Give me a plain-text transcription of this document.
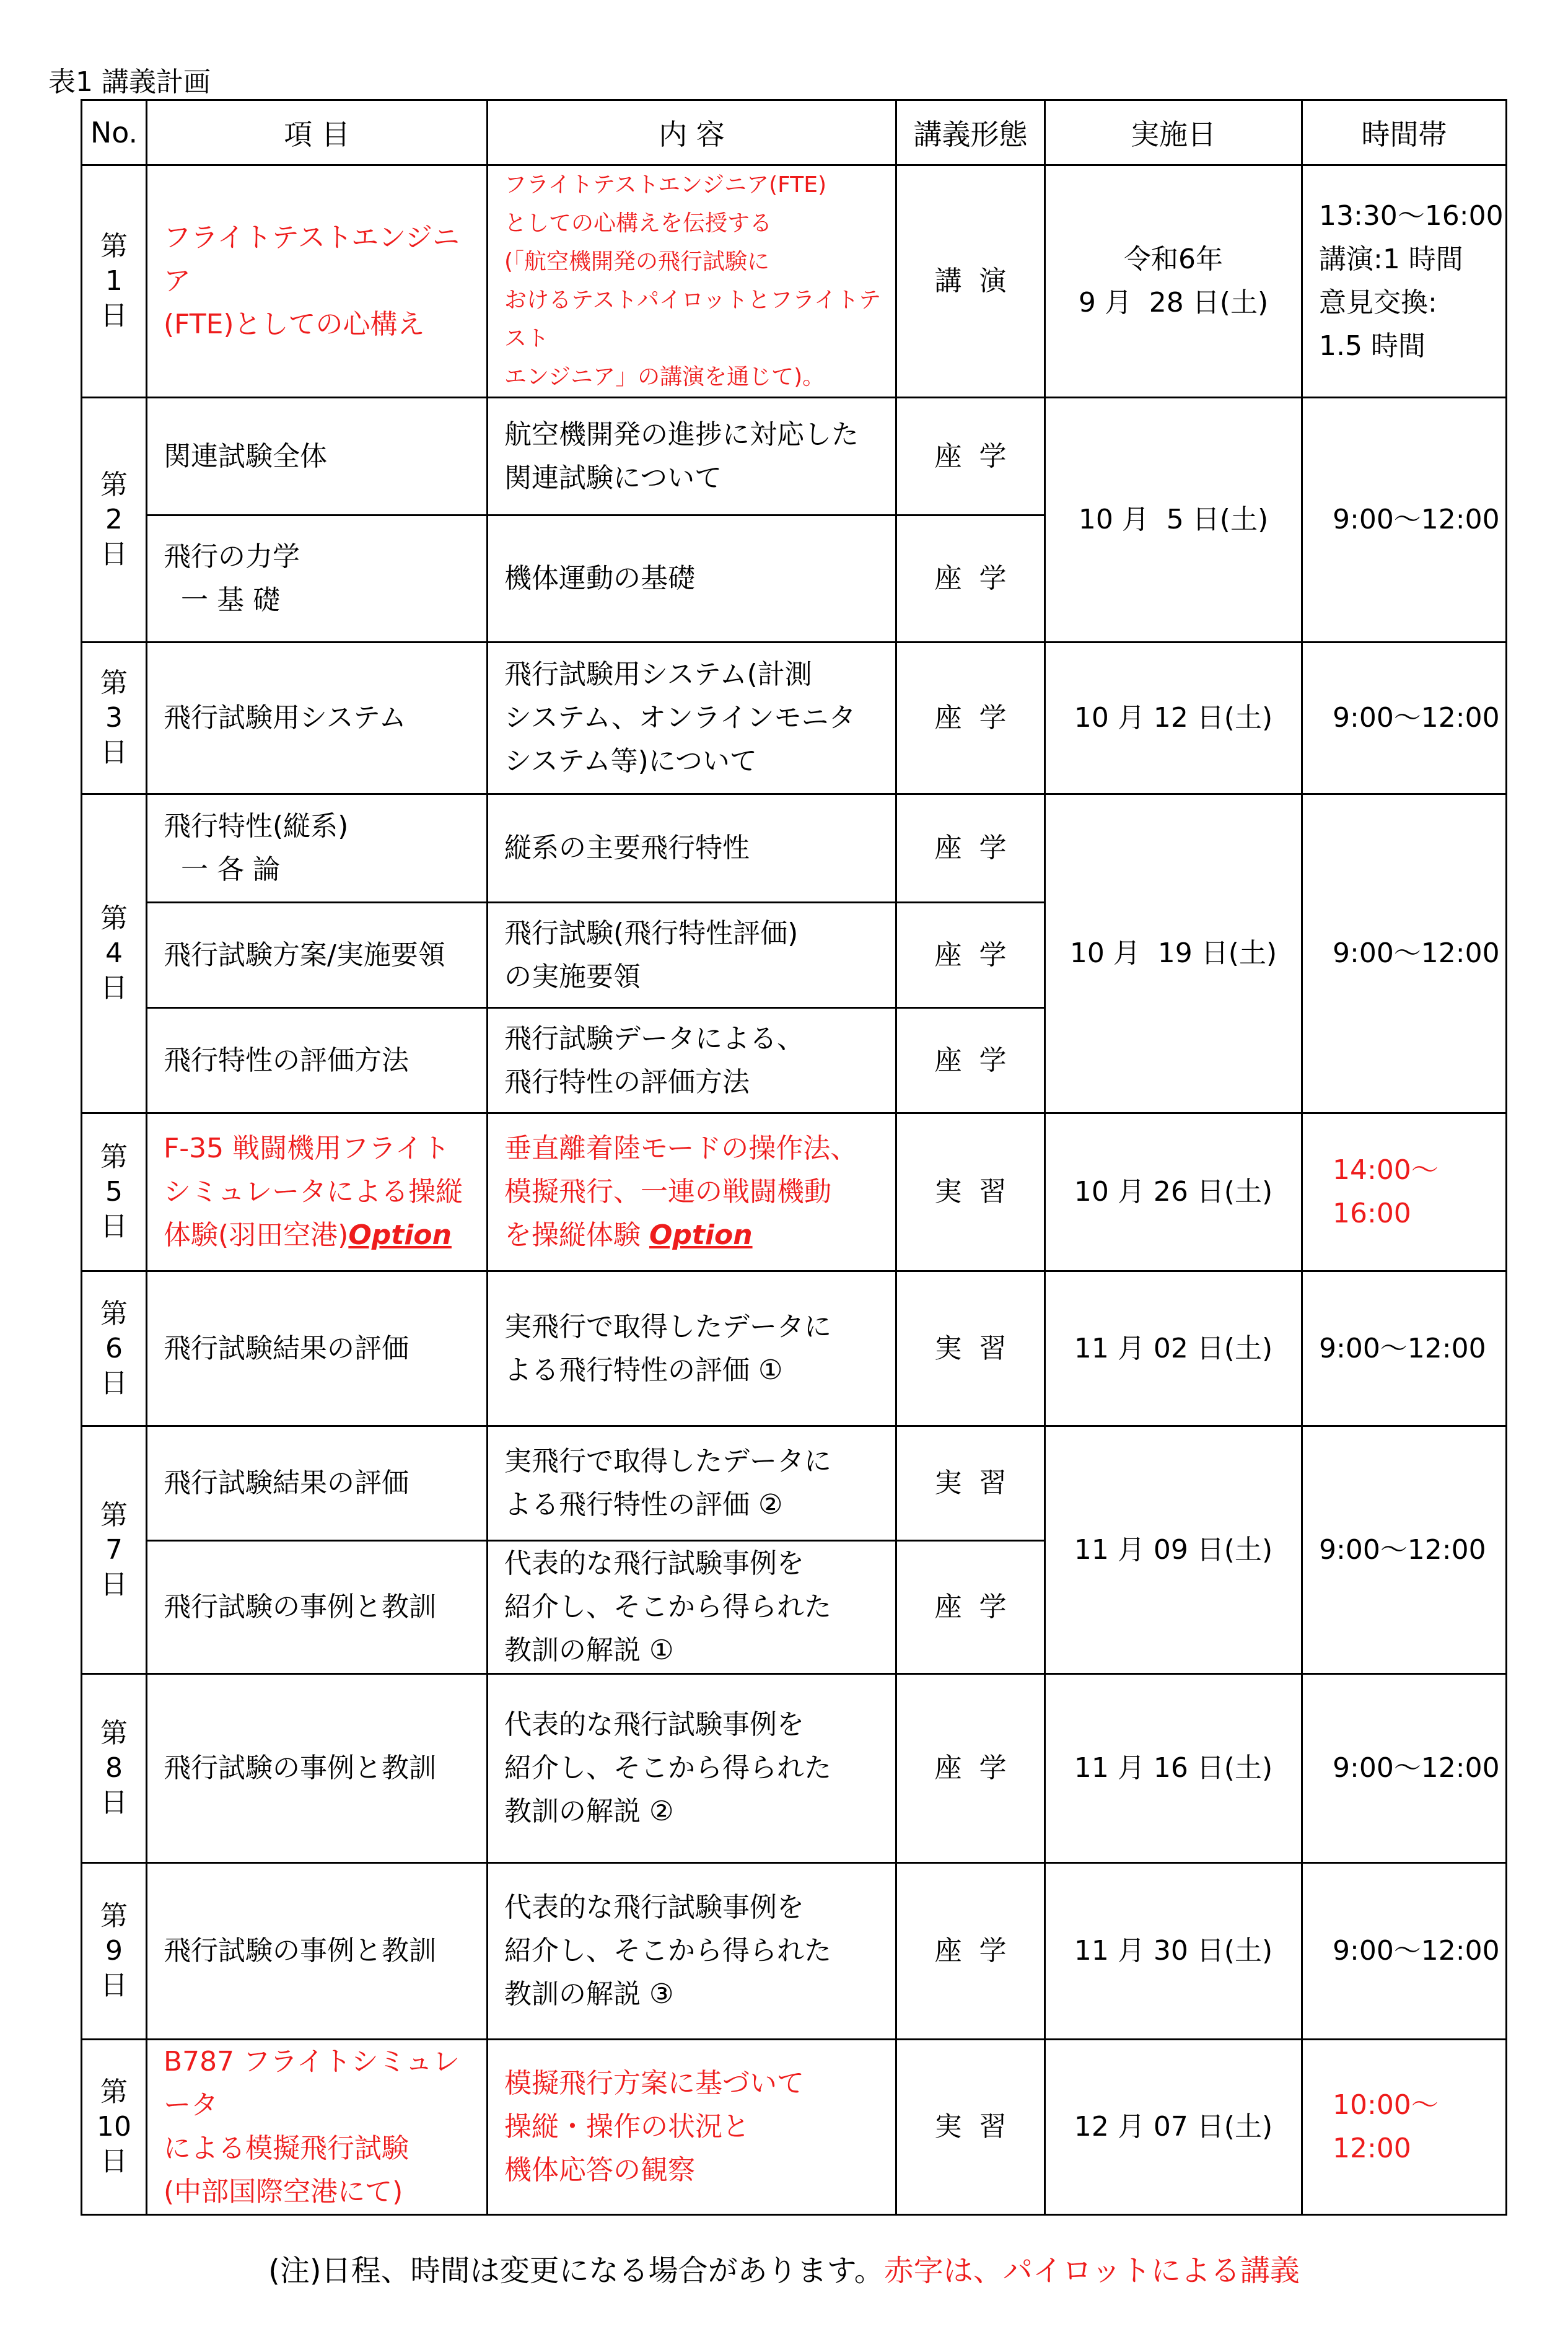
表1 講義計画
No.	項 目	内 容	講義形態	実施日	時間帯
第
1
日	フライトテストエンジニア
(FTE)としての心構え	フライトテストエンジニア(FTE)
としての心構えを伝授する
(「航空機開発の飛行試験に
おけるテストパイロットとフライトテスト
エンジニア」の講演を通じて)。	講演	令和6年
9 月  28 日(土)	13:30〜16:00
講演:1 時間
意見交換:
1.5 時間
第
2
日	関連試験全体	航空機開発の進捗に対応した
関連試験について	座学	10 月  5 日(土)	9:00〜12:00
	飛行の力学
一 基 礎	機体運動の基礎	座学		
第
3
日	飛行試験用システム	飛行試験用システム(計測
システム、オンラインモニタ
システム等)について	座学	10 月 12 日(土)	9:00〜12:00
第
4
日	飛行特性(縦系)
一 各 論	縦系の主要飛行特性	座学	10 月  19 日(土)	9:00〜12:00
	飛行試験方案/実施要領	飛行試験(飛行特性評価)
の実施要領	座学		
	飛行特性の評価方法	飛行試験データによる、
飛行特性の評価方法	座学		
第
5
日	F-35 戦闘機用フライト
シミュレータによる操縦
体験(羽田空港)Option	垂直離着陸モードの操作法、
模擬飛行、一連の戦闘機動
を操縦体験 Option	実習	10 月 26 日(土)	14:00〜16:00
第
6
日	飛行試験結果の評価	実飛行で取得したデータに
よる飛行特性の評価 ①	実習	11 月 02 日(土)	9:00〜12:00
第
7
日	飛行試験結果の評価	実飛行で取得したデータに
よる飛行特性の評価 ②	実習	11 月 09 日(土)	9:00〜12:00
	飛行試験の事例と教訓	代表的な飛行試験事例を
紹介し、そこから得られた
教訓の解説 ①	座学		
第
8
日	飛行試験の事例と教訓	代表的な飛行試験事例を
紹介し、そこから得られた
教訓の解説 ②	座学	11 月 16 日(土)	9:00〜12:00
第
9
日	飛行試験の事例と教訓	代表的な飛行試験事例を
紹介し、そこから得られた
教訓の解説 ③	座学	11 月 30 日(土)	9:00〜12:00
第
10
日	B787 フライトシミュレータ
による模擬飛行試験
(中部国際空港にて)	模擬飛行方案に基づいて
操縦・操作の状況と
機体応答の観察	実習	12 月 07 日(土)	10:00〜12:00
(注)日程、時間は変更になる場合があります。赤字は、パイロットによる講義
